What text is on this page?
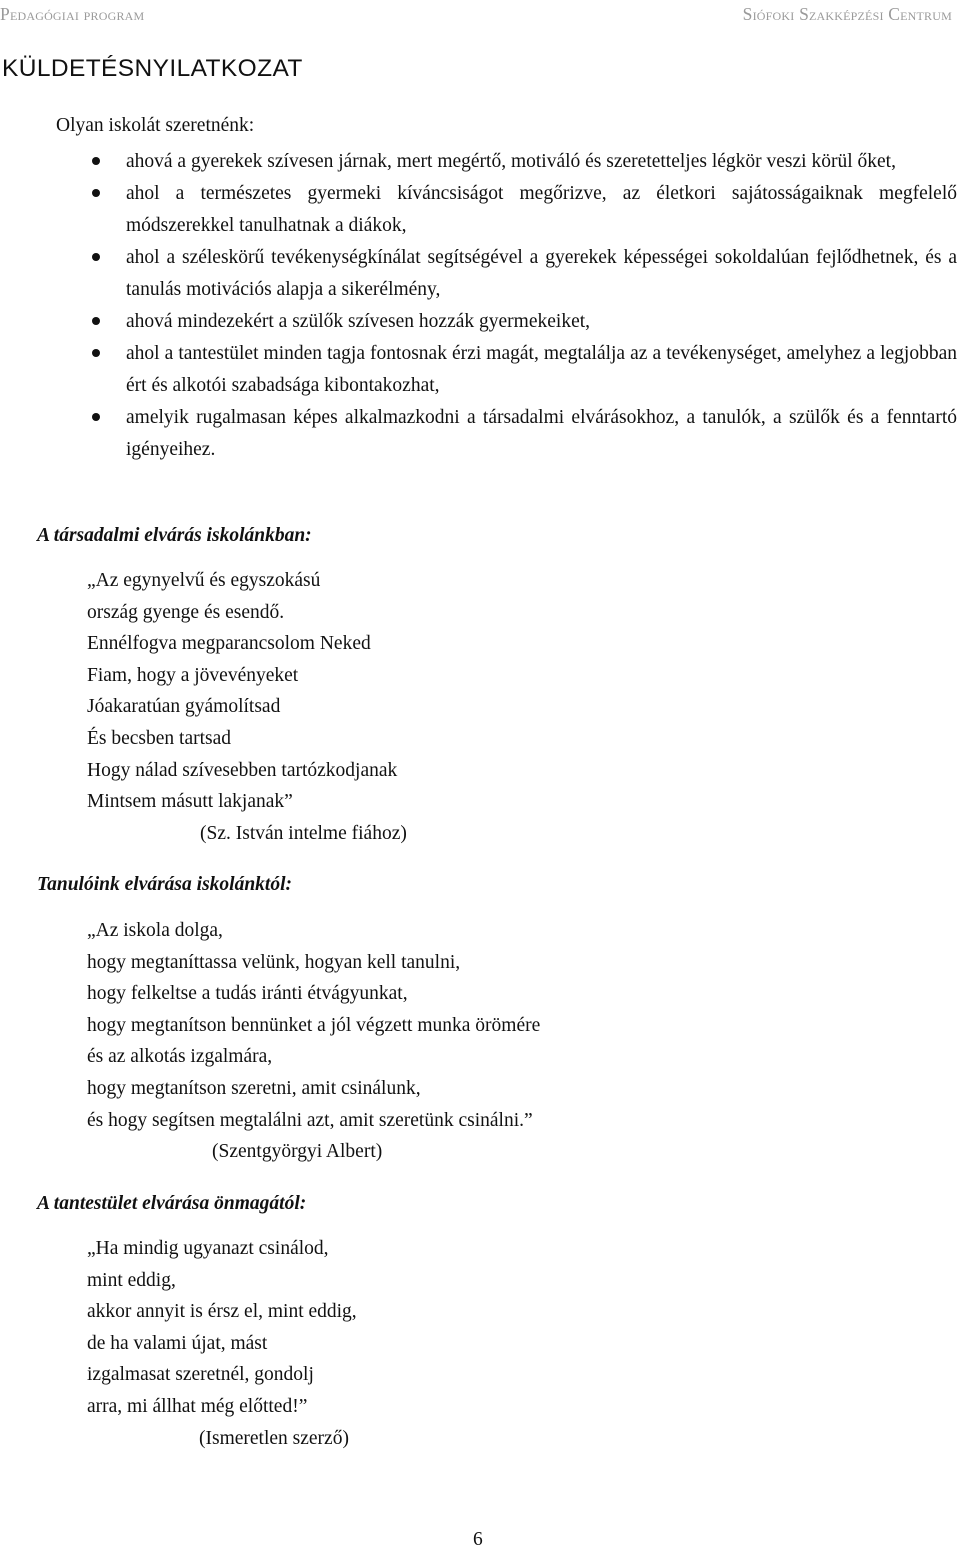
Pedagógiai program	Siófoki Szakképzési Centrum
KÜLDETÉSNYILATKOZAT
Olyan iskolát szeretnénk:
ahová a gyerekek szívesen járnak, mert megértő, motiváló és szeretetteljes légkör veszi körül őket,
ahol a természetes gyermeki kíváncsiságot megőrizve, az életkori sajátosságaiknak megfelelő módszerekkel tanulhatnak a diákok,
ahol a széleskörű tevékenységkínálat segítségével a gyerekek képességei sokoldalúan fejlődhetnek, és a tanulás motivációs alapja a sikerélmény,
ahová mindezekért a szülők szívesen hozzák gyermekeiket,
ahol a tantestület minden tagja fontosnak érzi magát, megtalálja az a tevékenységet, amelyhez a legjobban ért és alkotói szabadsága kibontakozhat,
amelyik rugalmasan képes alkalmazkodni a társadalmi elvárásokhoz, a tanulók, a szülők és a fenntartó igényeihez.
A társadalmi elvárás iskolánkban:
„Az egynyelvű és egyszokású
ország gyenge és esendő.
Ennélfogva megparancsolom Neked
Fiam, hogy a jövevényeket
Jóakaratúan gyámolítsad
És becsben tartsad
Hogy nálad szívesebben tartózkodjanak
Mintsem másutt lakjanak”
(Sz. István intelme fiához)
Tanulóink elvárása iskolánktól:
„Az iskola dolga,
hogy megtaníttassa velünk, hogyan kell tanulni,
hogy felkeltse a tudás iránti étvágyunkat,
hogy megtanítson bennünket a jól végzett munka örömére
és az alkotás izgalmára,
hogy megtanítson szeretni, amit csinálunk,
és hogy segítsen megtalálni azt, amit szeretünk csinálni.”
(Szentgyörgyi Albert)
A tantestület elvárása önmagától:
„Ha mindig ugyanazt csinálod,
mint eddig,
akkor annyit is érsz el, mint eddig,
de ha valami újat, mást
izgalmasat szeretnél, gondolj
arra, mi állhat még előtted!”
(Ismeretlen szerző)
6
